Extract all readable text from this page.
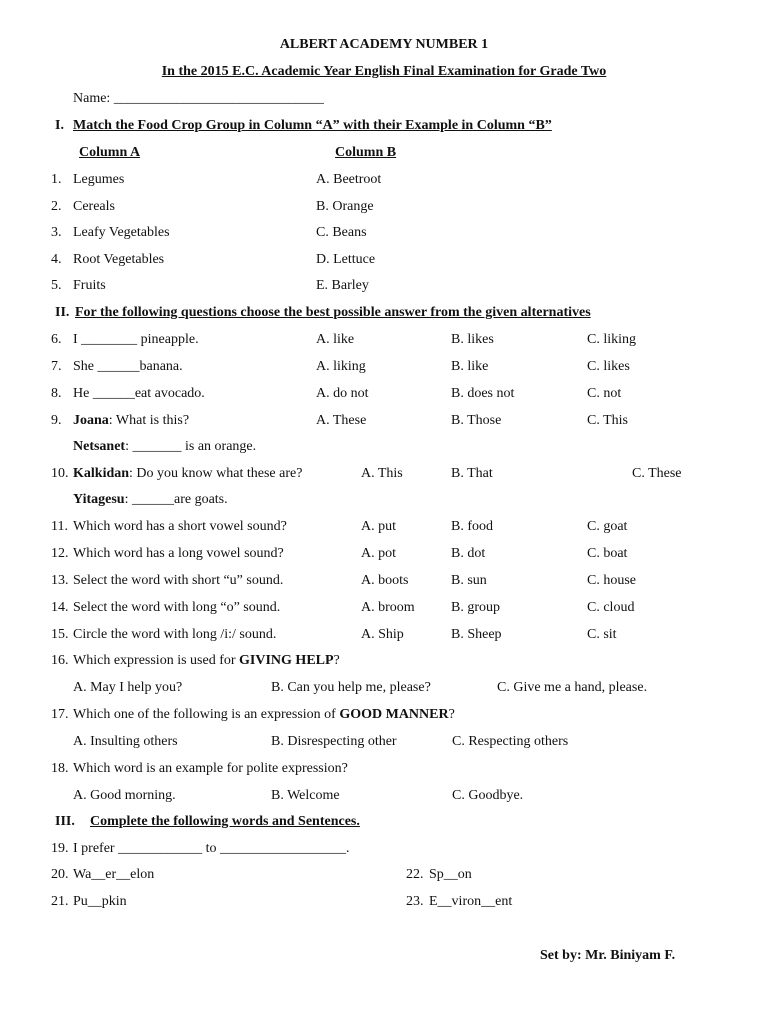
ALBERT ACADEMY NUMBER 1
In the 2015 E.C. Academic Year English Final Examination for Grade Two
Name: ______________________________
I. Match the Food Crop Group in Column “A” with their Example in Column “B”
Column A	Column B
1. Legumes	A. Beetroot
2. Cereals	B. Orange
3. Leafy Vegetables	C. Beans
4. Root Vegetables	D. Lettuce
5. Fruits	E. Barley
II. For the following questions choose the best possible answer from the given alternatives
6. I ________ pineapple.	A. like	B. likes	C. liking
7. She ______banana.	A. liking	B. like	C. likes
8. He ______eat avocado.	A. do not	B. does not	C. not
9. Joana: What is this?	A. These	B. Those	C. This
Netsanet: _______ is an orange.
10. Kalkidan: Do you know what these are?	A. This	B. That	C. These
Yitagesu: ______are goats.
11. Which word has a short vowel sound?	A. put	B. food	C. goat
12. Which word has a long vowel sound?	A. pot	B. dot	C. boat
13. Select the word with short “u” sound.	A. boots	B. sun	C. house
14. Select the word with long “o” sound.	A. broom	B. group	C. cloud
15. Circle the word with long /i:/ sound.	A. Ship	B. Sheep	C. sit
16. Which expression is used for GIVING HELP?
A. May I help you?	B. Can you help me, please?	C. Give me a hand, please.
17. Which one of the following is an expression of GOOD MANNER?
A. Insulting others	B. Disrespecting other	C. Respecting others
18. Which word is an example for polite expression?
A. Good morning.	B. Welcome	C. Goodbye.
III. Complete the following words and Sentences.
19. I prefer ____________ to __________________.
20. Wa__er__elon	22. Sp__on
21. Pu__pkin	23. E__viron__ent
Set by: Mr. Biniyam F.
